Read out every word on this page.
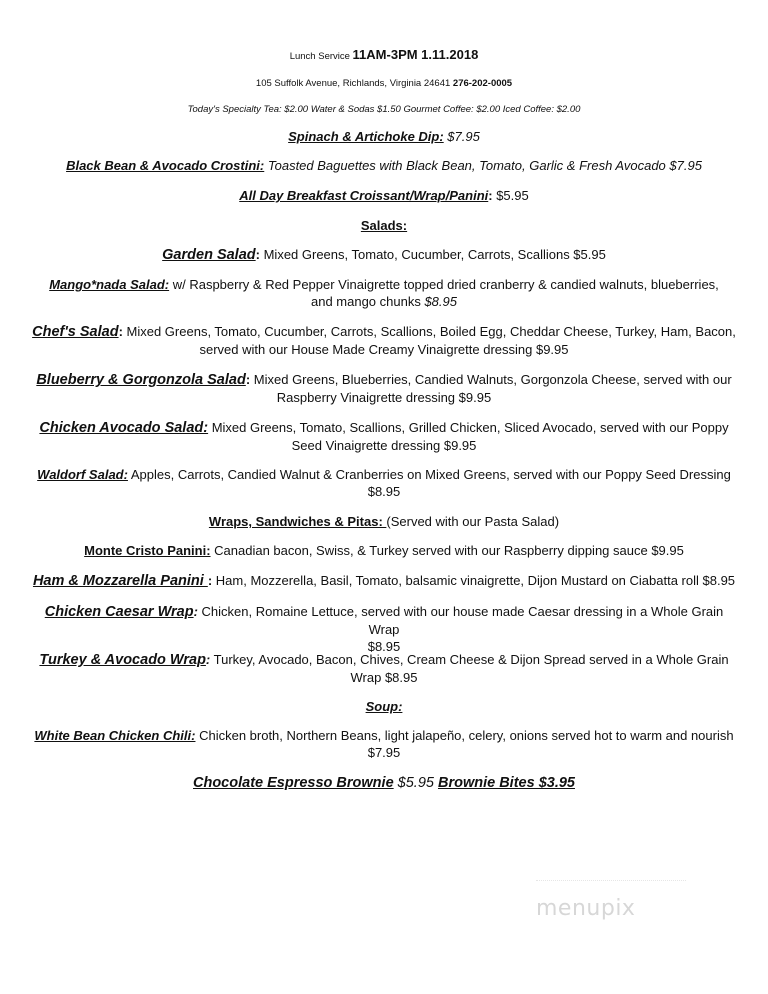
Lunch Service 11AM-3PM 1.11.2018
105 Suffolk Avenue, Richlands, Virginia 24641 276-202-0005
Today's Specialty Tea: $2.00 Water & Sodas $1.50 Gourmet Coffee: $2.00 Iced Coffee: $2.00
Spinach & Artichoke Dip: $7.95
Black Bean & Avocado Crostini: Toasted Baguettes with Black Bean, Tomato, Garlic & Fresh Avocado $7.95
All Day Breakfast Croissant/Wrap/Panini: $5.95
Salads:
Garden Salad: Mixed Greens, Tomato, Cucumber, Carrots, Scallions $5.95
Mango*nada Salad: w/ Raspberry & Red Pepper Vinaigrette topped dried cranberry & candied walnuts, blueberries,
and mango chunks $8.95
Chef's Salad: Mixed Greens, Tomato, Cucumber, Carrots, Scallions, Boiled Egg, Cheddar Cheese, Turkey, Ham, Bacon,
served with our House Made Creamy Vinaigrette dressing $9.95
Blueberry & Gorgonzola Salad: Mixed Greens, Blueberries, Candied Walnuts, Gorgonzola Cheese, served with our
Raspberry Vinaigrette dressing $9.95
Chicken Avocado Salad: Mixed Greens, Tomato, Scallions, Grilled Chicken, Sliced Avocado, served with our Poppy
Seed Vinaigrette dressing $9.95
Waldorf Salad: Apples, Carrots, Candied Walnut & Cranberries on Mixed Greens, served with our Poppy Seed Dressing
$8.95
Wraps, Sandwiches & Pitas: (Served with our Pasta Salad)
Monte Cristo Panini: Canadian bacon, Swiss, & Turkey served with our Raspberry dipping sauce $9.95
Ham & Mozzarella Panini : Ham, Mozzerella, Basil, Tomato, balsamic vinaigrette, Dijon Mustard on Ciabatta roll $8.95
Chicken Caesar Wrap: Chicken, Romaine Lettuce, served with our house made Caesar dressing in a Whole Grain Wrap
$8.95
Turkey & Avocado Wrap: Turkey, Avocado, Bacon, Chives, Cream Cheese & Dijon Spread served in a Whole Grain
Wrap $8.95
Soup:
White Bean Chicken Chili: Chicken broth, Northern Beans, light jalapeño, celery, onions served hot to warm and nourish
$7.95
Chocolate Espresso Brownie $5.95 Brownie Bites $3.95
menupix
